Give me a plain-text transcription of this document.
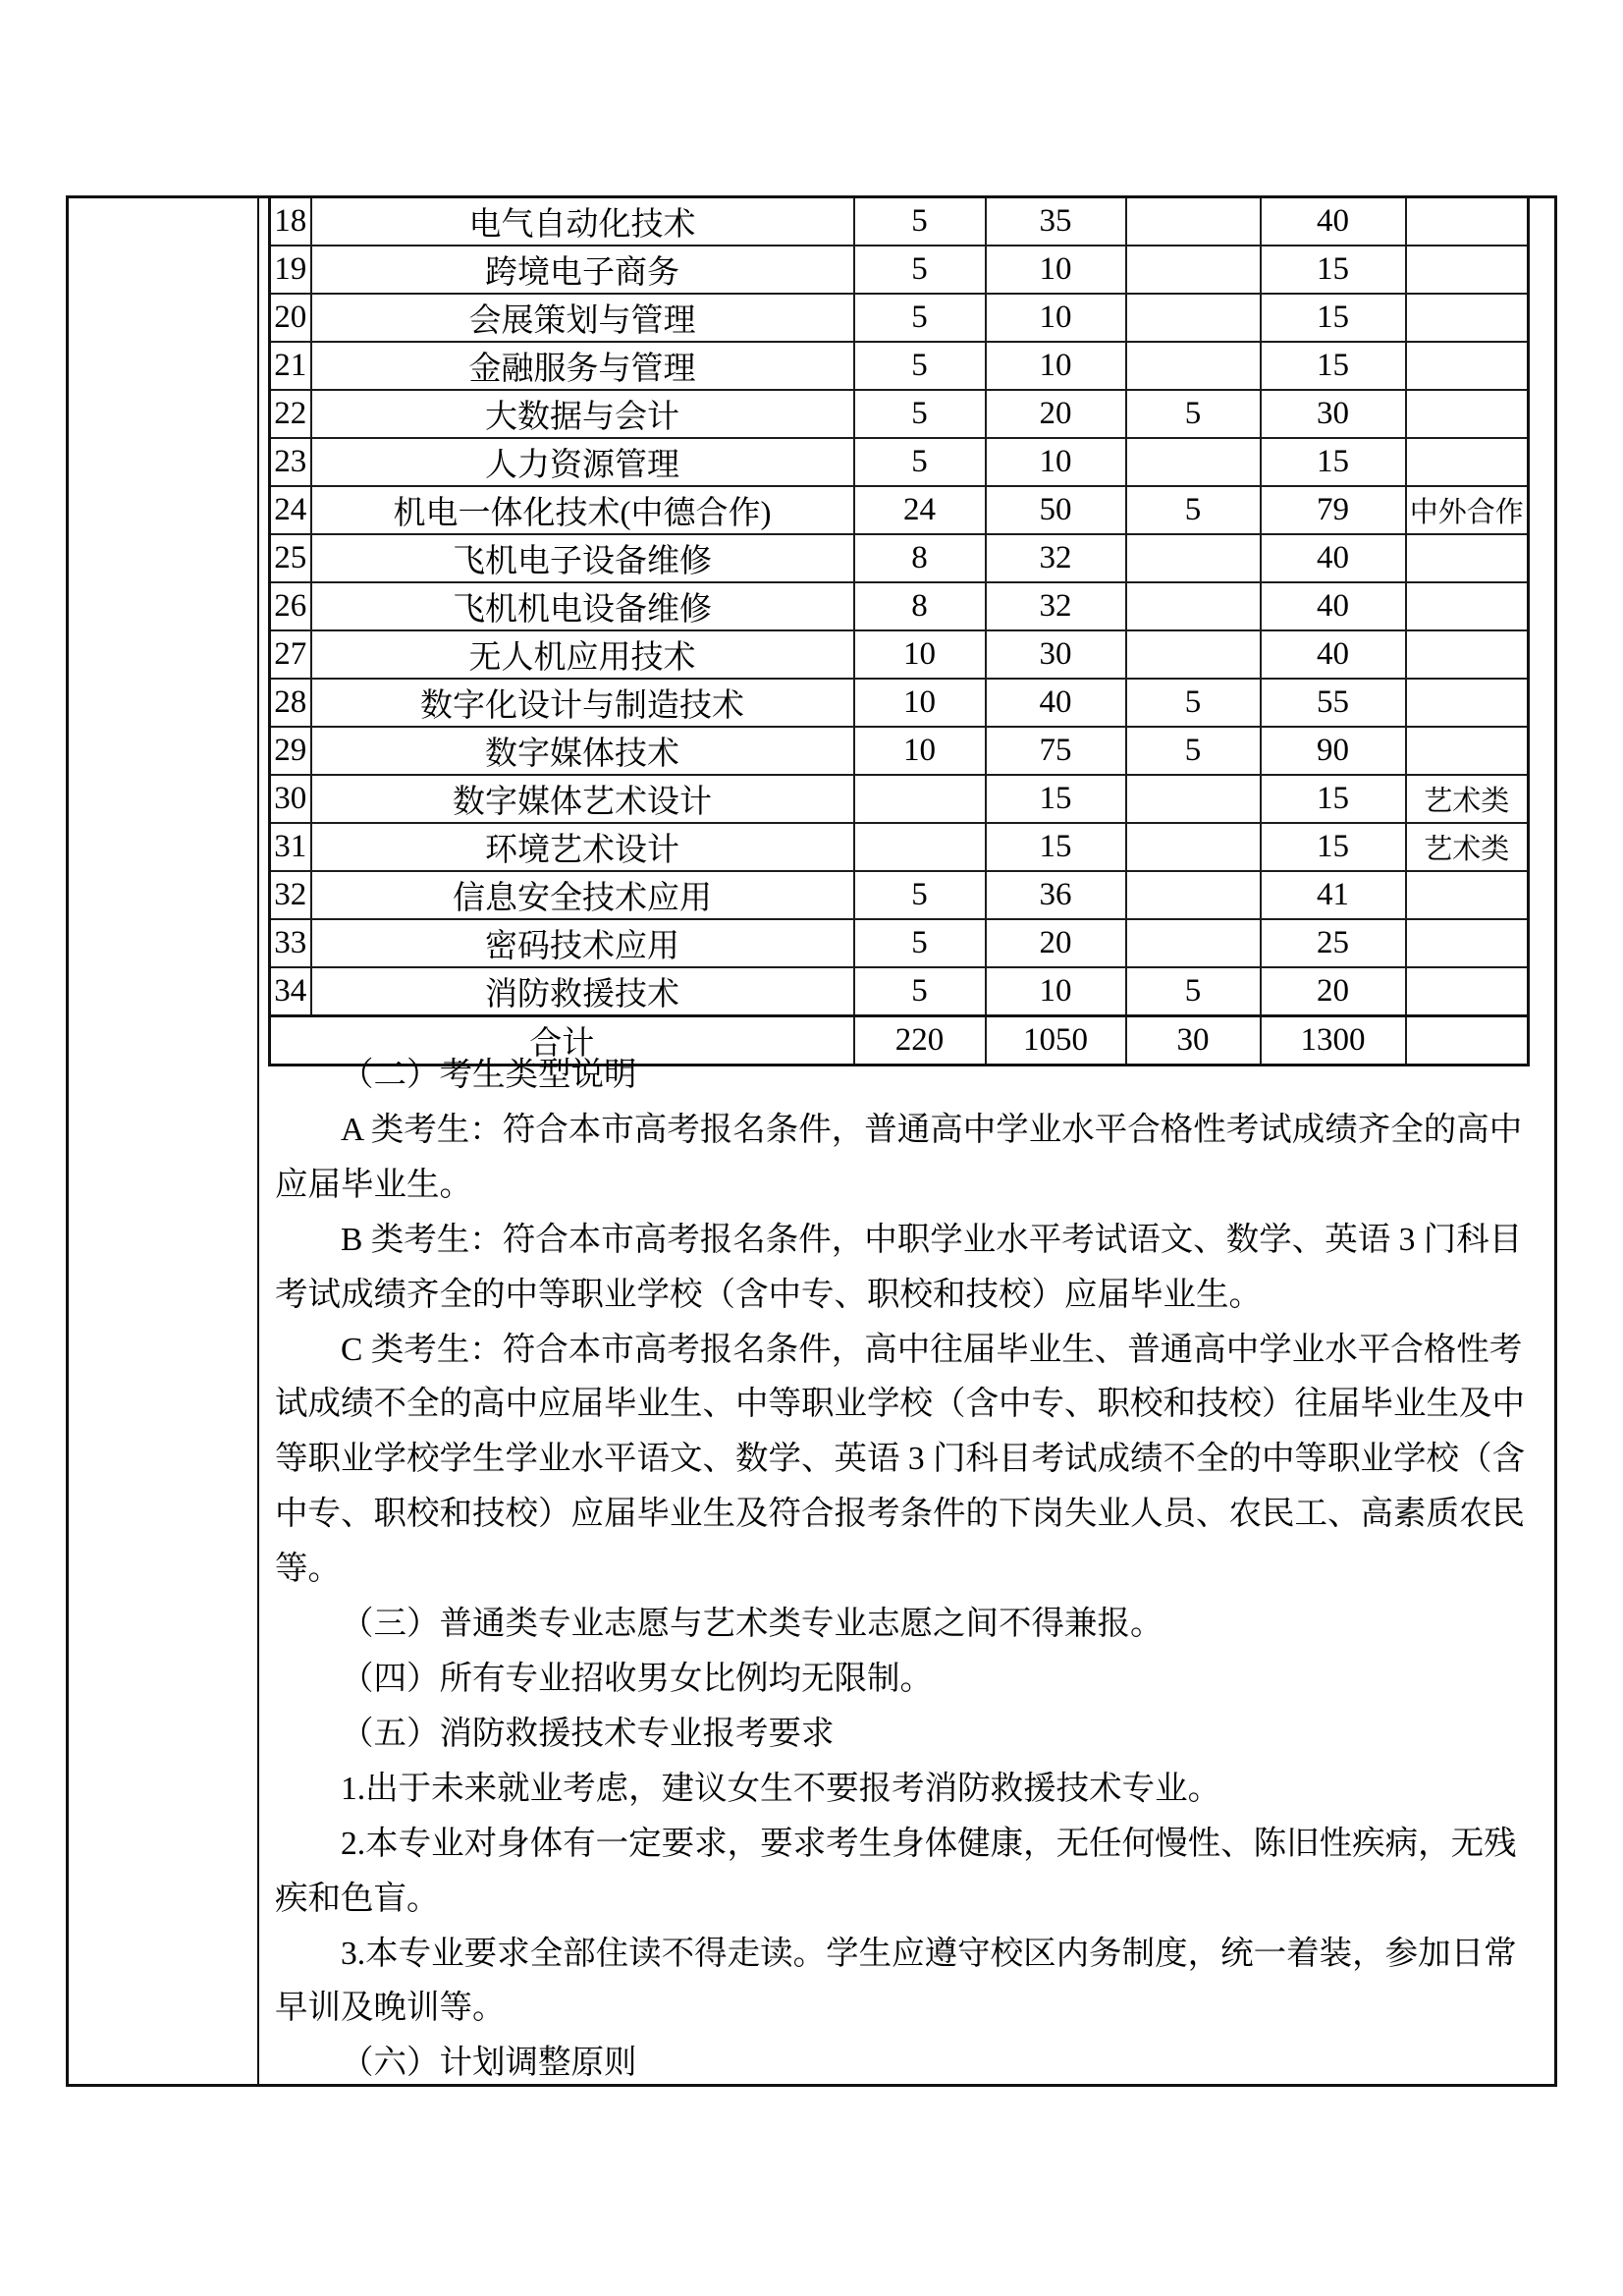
18	电气自动化技术	5	35		40	
19	跨境电子商务	5	10		15	
20	会展策划与管理	5	10		15	
21	金融服务与管理	5	10		15	
22	大数据与会计	5	20	5	30	
23	人力资源管理	5	10		15	
24	机电一体化技术(中德合作)	24	50	5	79	中外合作
25	飞机电子设备维修	8	32		40	
26	飞机机电设备维修	8	32		40	
27	无人机应用技术	10	30		40	
28	数字化设计与制造技术	10	40	5	55	
29	数字媒体技术	10	75	5	90	
30	数字媒体艺术设计		15		15	艺术类
31	环境艺术设计		15		15	艺术类
32	信息安全技术应用	5	36		41	
33	密码技术应用	5	20		25	
34	消防救援技术	5	10	5	20	
合计		220	1050	30	1300	
（二）考生类型说明
A 类考生：符合本市高考报名条件，普通高中学业水平合格性考试成绩齐全的高中
应届毕业生。
B 类考生：符合本市高考报名条件，中职学业水平考试语文、数学、英语 3 门科目
考试成绩齐全的中等职业学校（含中专、职校和技校）应届毕业生。
C 类考生：符合本市高考报名条件，高中往届毕业生、普通高中学业水平合格性考
试成绩不全的高中应届毕业生、中等职业学校（含中专、职校和技校）往届毕业生及中
等职业学校学生学业水平语文、数学、英语 3 门科目考试成绩不全的中等职业学校（含
中专、职校和技校）应届毕业生及符合报考条件的下岗失业人员、农民工、高素质农民
等。
（三）普通类专业志愿与艺术类专业志愿之间不得兼报。
（四）所有专业招收男女比例均无限制。
（五）消防救援技术专业报考要求
1.出于未来就业考虑，建议女生不要报考消防救援技术专业。
2.本专业对身体有一定要求，要求考生身体健康，无任何慢性、陈旧性疾病，无残
疾和色盲。
3.本专业要求全部住读不得走读。学生应遵守校区内务制度，统一着装，参加日常
早训及晚训等。
（六）计划调整原则
